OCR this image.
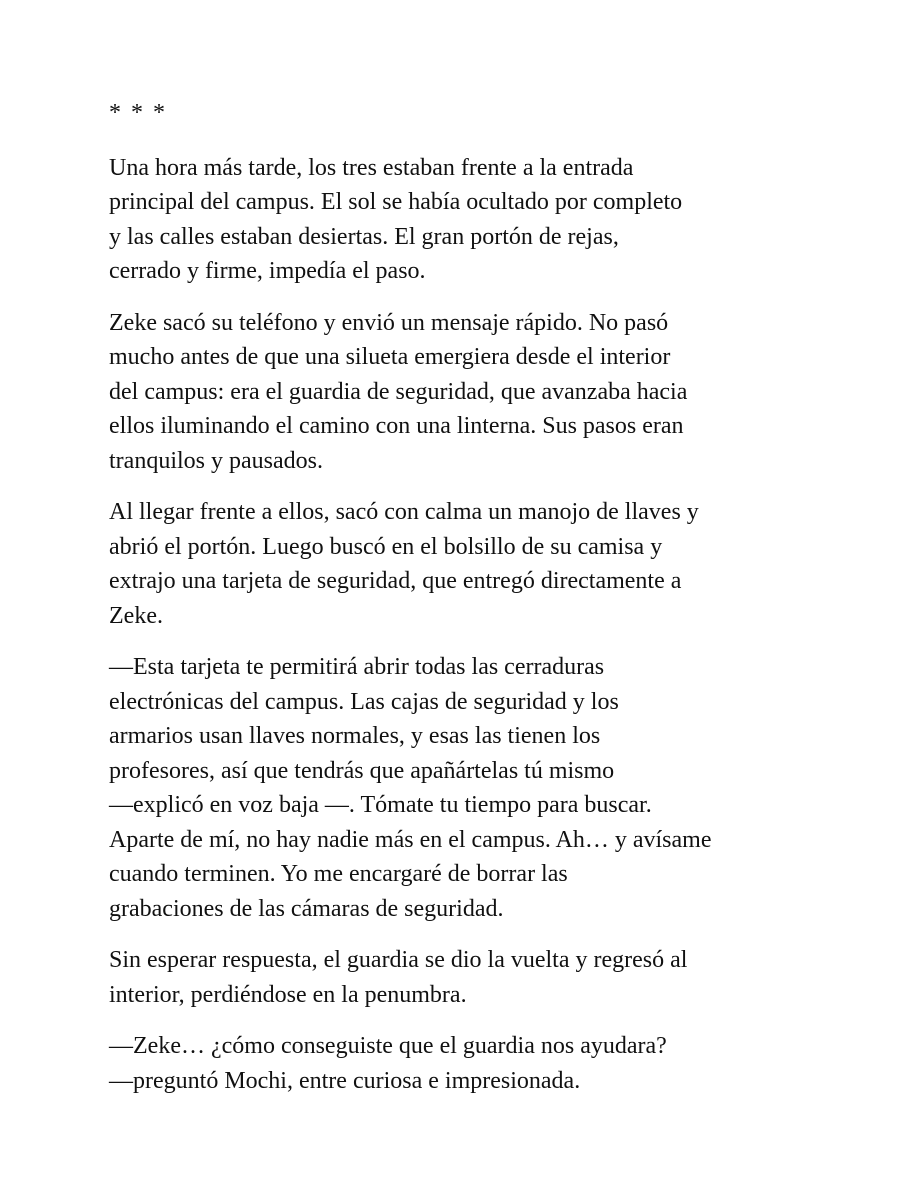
* * *

Una hora más tarde, los tres estaban frente a la entrada
principal del campus. El sol se había ocultado por completo
y las calles estaban desiertas. El gran portón de rejas,
cerrado y firme, impedía el paso.

Zeke sacó su teléfono y envió un mensaje rápido. No pasó
mucho antes de que una silueta emergiera desde el interior
del campus: era el guardia de seguridad, que avanzaba hacia
ellos iluminando el camino con una linterna. Sus pasos eran
tranquilos y pausados.

Al llegar frente a ellos, sacó con calma un manojo de llaves y
abrió el portón. Luego buscó en el bolsillo de su camisa y
extrajo una tarjeta de seguridad, que entregó directamente a
Zeke.

—Esta tarjeta te permitirá abrir todas las cerraduras
electrónicas del campus. Las cajas de seguridad y los
armarios usan llaves normales, y esas las tienen los
profesores, así que tendrás que apañártelas tú mismo
—explicó en voz baja —. Tómate tu tiempo para buscar.
Aparte de mí, no hay nadie más en el campus. Ah… y avísame
cuando terminen. Yo me encargaré de borrar las
grabaciones de las cámaras de seguridad.

Sin esperar respuesta, el guardia se dio la vuelta y regresó al
interior, perdiéndose en la penumbra.

—Zeke… ¿cómo conseguiste que el guardia nos ayudara?
—preguntó Mochi, entre curiosa e impresionada.
